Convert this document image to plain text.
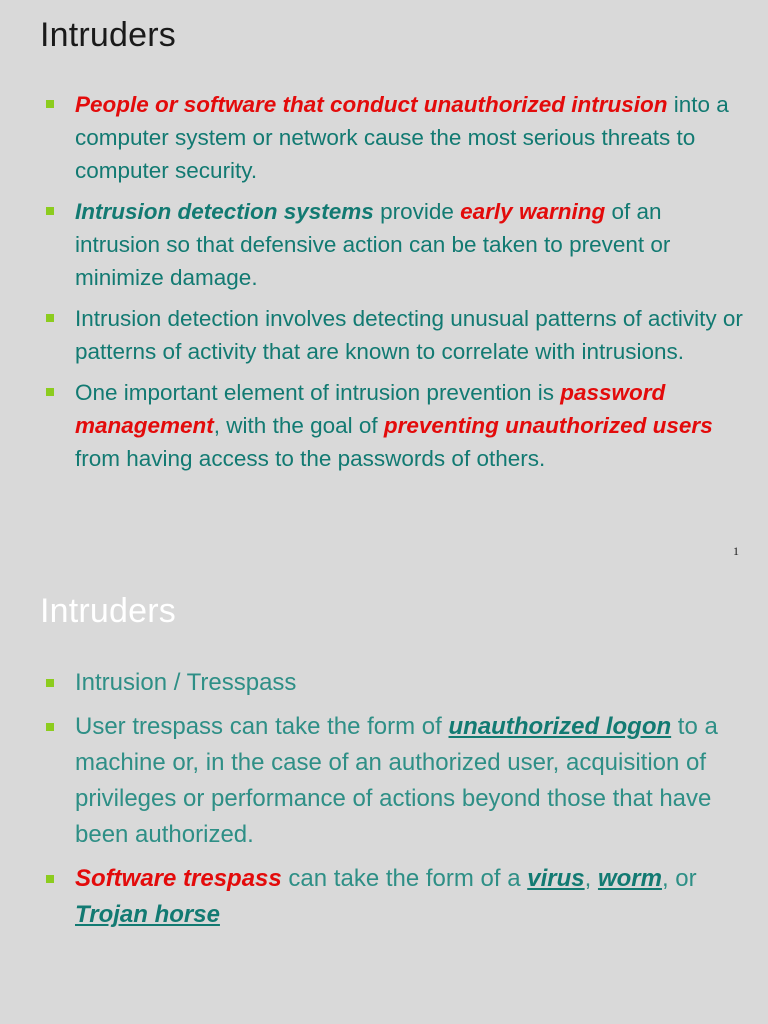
Intruders
People or software that conduct unauthorized intrusion into a computer system or network cause the most serious threats to computer security.
Intrusion detection systems provide early warning of an intrusion so that defensive action can be taken to prevent or minimize damage.
Intrusion detection involves detecting unusual patterns of activity or patterns of activity that are known to correlate with intrusions.
One important element of intrusion prevention is password management, with the goal of preventing unauthorized users from having access to the passwords of others.
1
Intruders
Intrusion / Tresspass
User trespass can take the form of unauthorized logon to a machine or, in the case of an authorized user, acquisition of privileges or performance of actions beyond those that have been authorized.
Software trespass can take the form of a virus, worm, or Trojan horse
